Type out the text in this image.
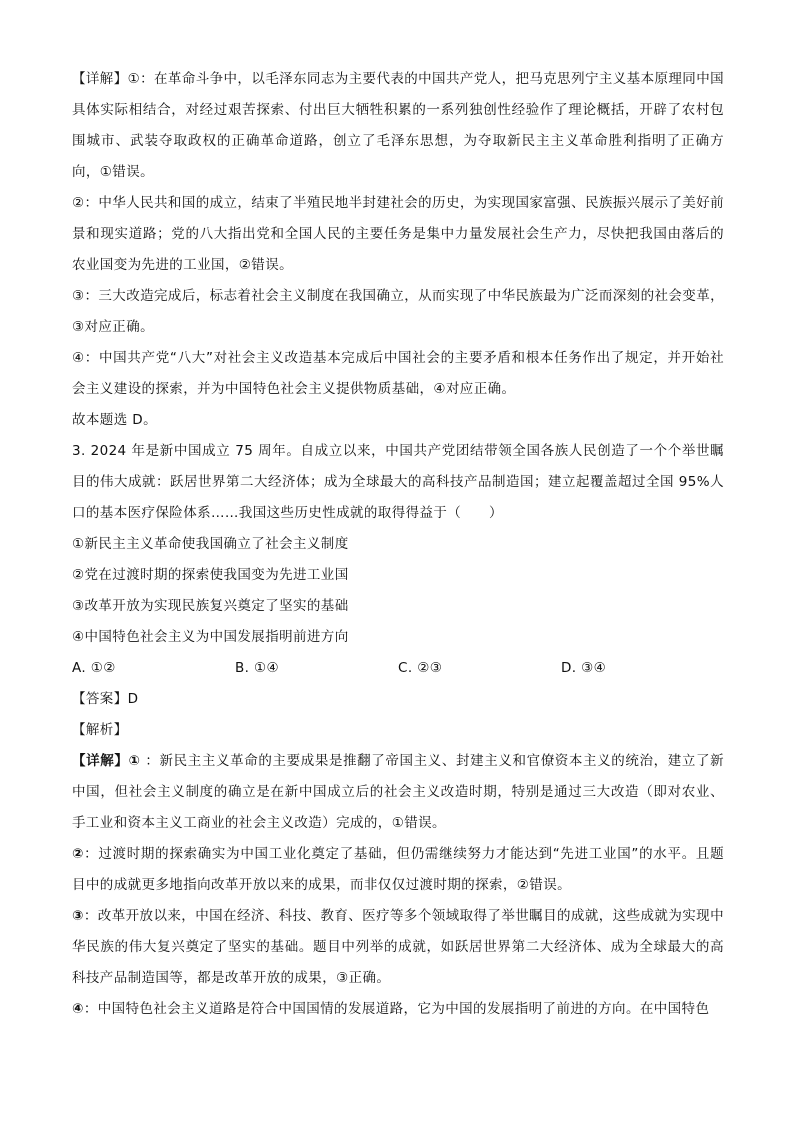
【详解】①：在革命斗争中，以毛泽东同志为主要代表的中国共产党人，把马克思列宁主义基本原理同中国具体实际相结合，对经过艰苦探索、付出巨大牺牲积累的一系列独创性经验作了理论概括，开辟了农村包围城市、武装夺取政权的正确革命道路，创立了毛泽东思想，为夺取新民主主义革命胜利指明了正确方向，①错误。

②：中华人民共和国的成立，结束了半殖民地半封建社会的历史，为实现国家富强、民族振兴展示了美好前景和现实道路；党的八大指出党和全国人民的主要任务是集中力量发展社会生产力，尽快把我国由落后的农业国变为先进的工业国，②错误。

③：三大改造完成后，标志着社会主义制度在我国确立，从而实现了中华民族最为广泛而深刻的社会变革，③对应正确。

④：中国共产党“八大”对社会主义改造基本完成后中国社会的主要矛盾和根本任务作出了规定，并开始社会主义建设的探索，并为中国特色社会主义提供物质基础，④对应正确。

故本题选 D。

3. 2024 年是新中国成立 75 周年。自成立以来，中国共产党团结带领全国各族人民创造了一个个举世瞩目的伟大成就：跃居世界第二大经济体；成为全球最大的高科技产品制造国；建立起覆盖超过全国 95%人口的基本医疗保险体系……我国这些历史性成就的取得得益于（　　）

①新民主主义革命使我国确立了社会主义制度

②党在过渡时期的探索使我国变为先进工业国

③改革开放为实现民族复兴奠定了坚实的基础

④中国特色社会主义为中国发展指明前进方向

A. ①②	B. ①④	C. ②③	D. ③④

【答案】D

【解析】

【详解】① ：新民主主义革命的主要成果是推翻了帝国主义、封建主义和官僚资本主义的统治，建立了新中国，但社会主义制度的确立是在新中国成立后的社会主义改造时期，特别是通过三大改造（即对农业、手工业和资本主义工商业的社会主义改造）完成的，①错误。

②：过渡时期的探索确实为中国工业化奠定了基础，但仍需继续努力才能达到“先进工业国”的水平。且题目中的成就更多地指向改革开放以来的成果，而非仅仅过渡时期的探索，②错误。

③：改革开放以来，中国在经济、科技、教育、医疗等多个领域取得了举世瞩目的成就，这些成就为实现中华民族的伟大复兴奠定了坚实的基础。题目中列举的成就，如跃居世界第二大经济体、成为全球最大的高科技产品制造国等，都是改革开放的成果，③正确。

④：中国特色社会主义道路是符合中国国情的发展道路，它为中国的发展指明了前进的方向。在中国特色
